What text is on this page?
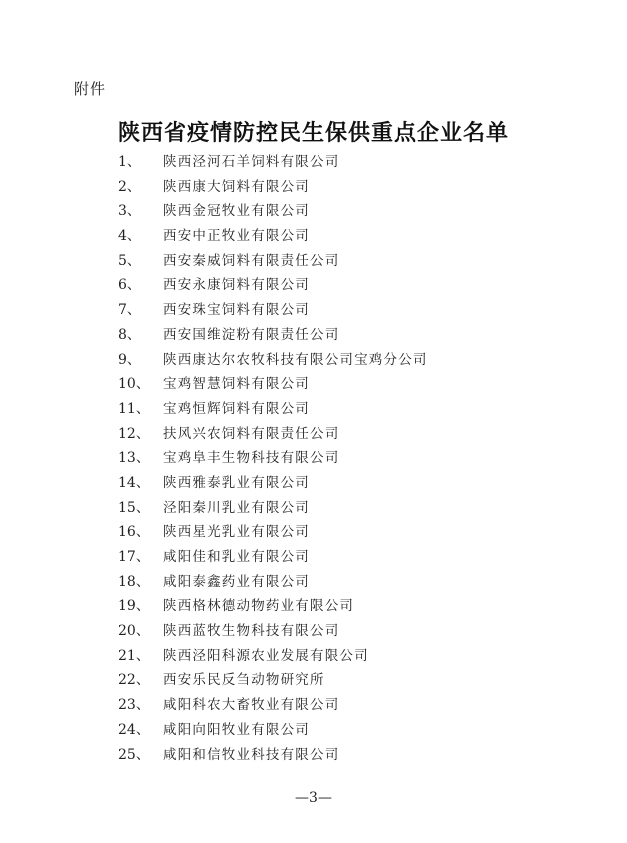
附件
陕西省疫情防控民生保供重点企业名单
1、	陕西泾河石羊饲料有限公司
2、	陕西康大饲料有限公司
3、	陕西金冠牧业有限公司
4、	西安中正牧业有限公司
5、	西安秦威饲料有限责任公司
6、	西安永康饲料有限公司
7、	西安珠宝饲料有限公司
8、	西安国维淀粉有限责任公司
9、	陕西康达尔农牧科技有限公司宝鸡分公司
10、 宝鸡智慧饲料有限公司
11、 宝鸡恒辉饲料有限公司
12、 扶风兴农饲料有限责任公司
13、 宝鸡阜丰生物科技有限公司
14、 陕西雅泰乳业有限公司
15、 泾阳秦川乳业有限公司
16、 陕西星光乳业有限公司
17、 咸阳佳和乳业有限公司
18、 咸阳泰鑫药业有限公司
19、 陕西格林德动物药业有限公司
20、 陕西蓝牧生物科技有限公司
21、 陕西泾阳科源农业发展有限公司
22、 西安乐民反刍动物研究所
23、 咸阳科农大畜牧业有限公司
24、 咸阳向阳牧业有限公司
25、 咸阳和信牧业科技有限公司
—3—
